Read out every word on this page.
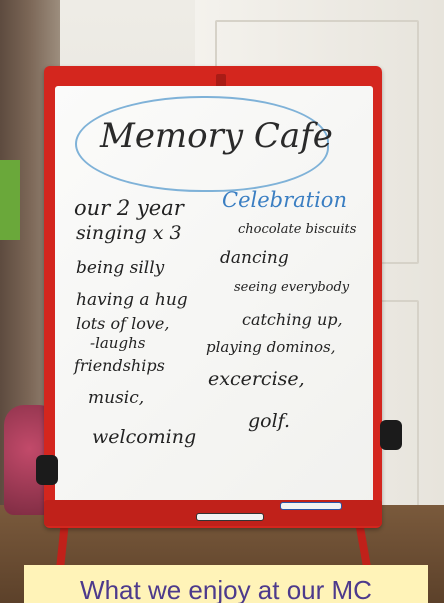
Memory Cafe
our 2 year Celebration
singing x 3	chocolate biscuits
being silly	dancing
having a hug
seeing everybody
lots of love,	catching up,
-laughs
friendships
playing dominos,
excercise,
music,
welcoming
golf.
What we enjoy at our MC
